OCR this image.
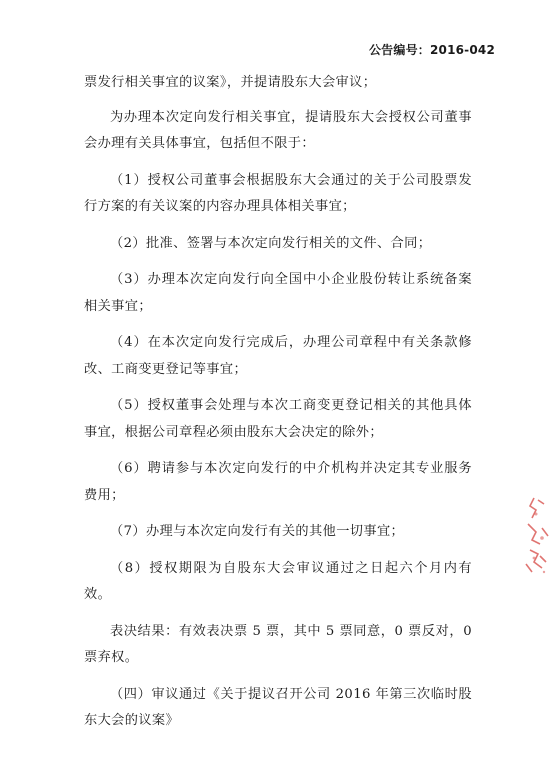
公告编号：2016-042

票发行相关事宜的议案》，并提请股东大会审议；

为办理本次定向发行相关事宜，提请股东大会授权公司董事会办理有关具体事宜，包括但不限于：

（1）授权公司董事会根据股东大会通过的关于公司股票发行方案的有关议案的内容办理具体相关事宜；

（2）批准、签署与本次定向发行相关的文件、合同；

（3）办理本次定向发行向全国中小企业股份转让系统备案相关事宜；

（4）在本次定向发行完成后，办理公司章程中有关条款修改、工商变更登记等事宜；

（5）授权董事会处理与本次工商变更登记相关的其他具体事宜，根据公司章程必须由股东大会决定的除外；

（6）聘请参与本次定向发行的中介机构并决定其专业服务费用；

（7）办理与本次定向发行有关的其他一切事宜；

（8）授权期限为自股东大会审议通过之日起六个月内有效。

表决结果：有效表决票 5 票，其中 5 票同意，0 票反对，0 票弃权。

（四）审议通过《关于提议召开公司 2016 年第三次临时股东大会的议案》
